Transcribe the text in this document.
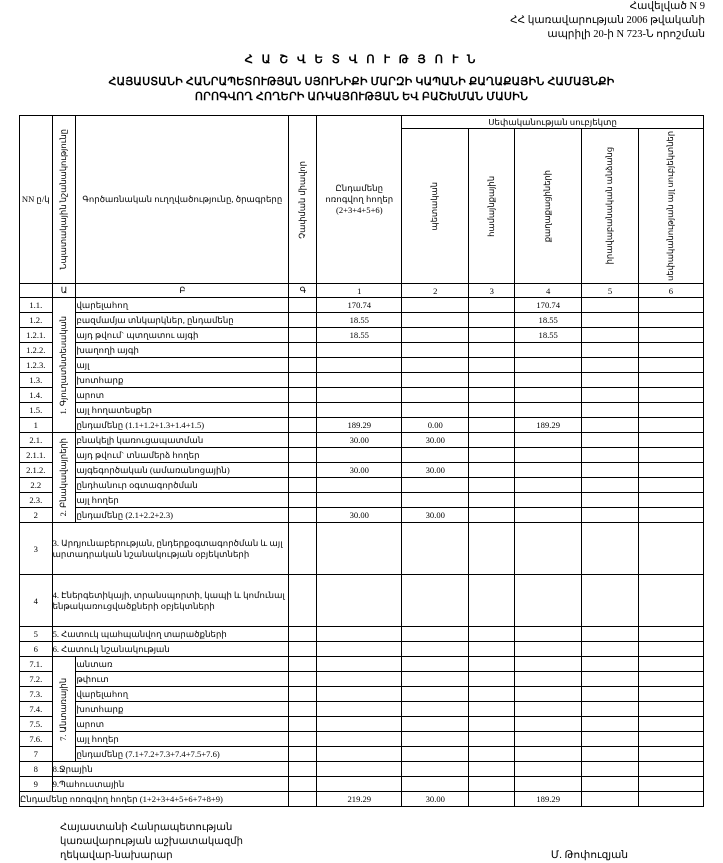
Հավելված N 9
ՀՀ կառավարության 2006 թվականի
ապրիլի 20-ի N 723-Ն որոշման
Հ Ա Շ Վ Ե Տ Վ Ո Ւ Թ Յ Ո Ւ Ն
ՀԱՅԱՍՏԱՆԻ ՀԱՆՐԱՊԵՏՈՒԹՅԱՆ ՍՅՈՒՆԻՔԻ ՄԱՐԶԻ ԿԱՊԱՆԻ ՔԱՂԱՔԱՅԻՆ ՀԱՄԱՅՆՔԻ
ՈՐՈԳՎՈՂ ՀՈՂԵՐԻ ԱՌԿԱՅՈՒԹՅԱՆ ԵՎ ԲԱՇԽՄԱՆ ՄԱՍԻՆ
NN ը/կ	Նպատակային նշանակությունը	Գործառնական ուղղվածությունը, ծրագրերը	Չափման միավոր	Ընդամենը ոռոգվող հողեր (2+3+4+5+6)	Սեփականության սուբյեկտը				

					պետական	համայնքային	քաղաքացիների	իրավաբանական անձանց	սեփականության այլ սուբյեկտներ

	Ա	Բ	Գ	1	2	3	4	5	6
1.1.	1. Գյուղատնտեսական	վարելահող		170.74			170.74		
1.2.		բազմամյա տնկարկներ, ընդամենը		18.55			18.55		
1.2.1.		այդ թվում` պտղատու այգի		18.55			18.55		
1.2.2.		խաղողի այգի							
1.2.3.		այլ							
1.3.		խոտհարք							
1.4.		արոտ							
1.5.		այլ հողատեսքեր							
1		ընդամենը (1.1+1.2+1.3+1.4+1.5)		189.29	0.00		189.29		
2.1.	2. Բնակավայրերի	բնակելի կառուցապատման		30.00	30.00				
2.1.1.		այդ թվում` տնամերձ հողեր							
2.1.2.		այգեգործական (ամառանոցային)		30.00	30.00				
2.2		ընդհանուր օգտագործման							
2.3.		այլ հողեր							
2		ընդամենը (2.1+2.2+2.3)		30.00	30.00				
3	3. Արդյունաբերության, ընդերքօգտագործման և այլ արտադրական նշանակության օբյեկտների								
4	4. Էներգետիկայի, տրանսպորտի, կապի և կոմունալ ենթակառուցվածքների օբյեկտների								
5	5. Հատուկ պահպանվող տարածքների								
6	6. Հատուկ նշանակության								
7.1.	7. Անտառային	անտառ							
7.2.		թփուտ							
7.3.		վարելահող							
7.4.		խոտհարք							
7.5.		արոտ							
7.6.		այլ հողեր							
7		ընդամենը (7.1+7.2+7.3+7.4+7.5+7.6)							
8	8.Ջրային								
9	9.Պահուստային								
Ընդամենը ոռոգվող հողեր (1+2+3+4+5+6+7+8+9)				219.29	30.00		189.29		
Հայաստանի Հանրապետության
կառավարության աշխատակազմի
ղեկավար-նախարար	Մ. Թոփուզյան
